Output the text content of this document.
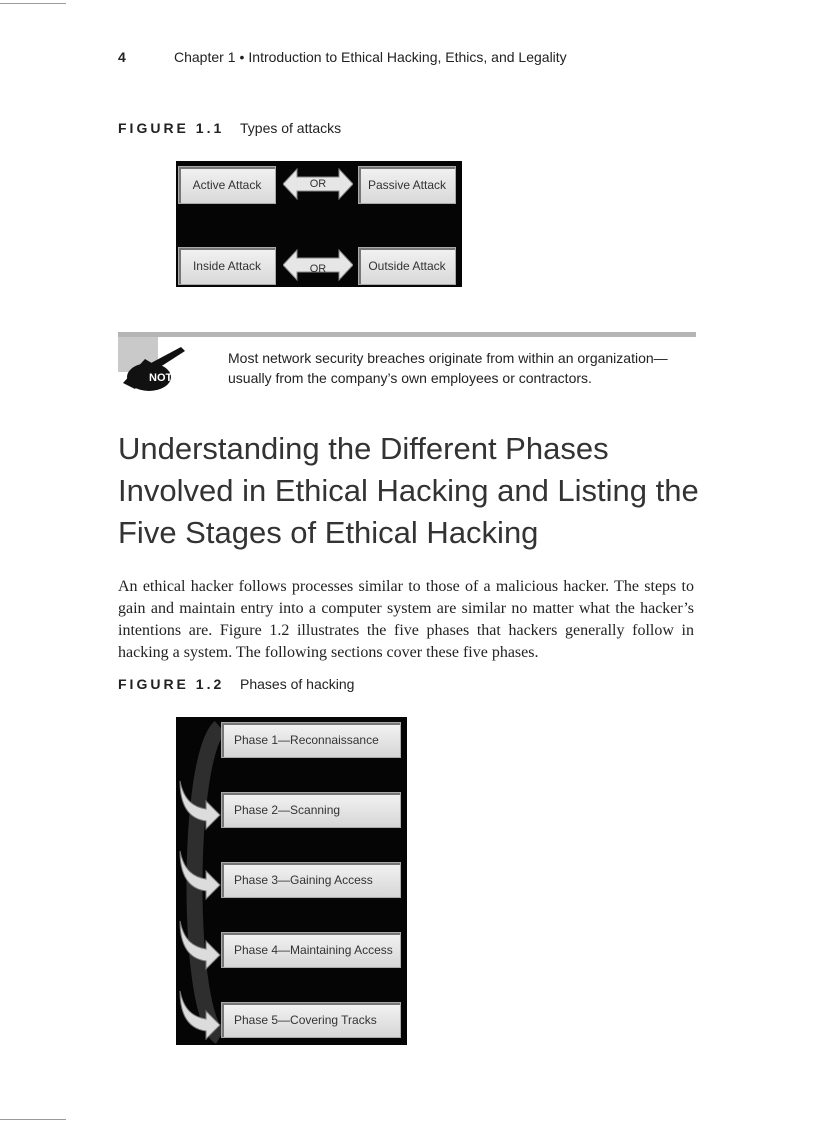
4	Chapter 1 • Introduction to Ethical Hacking, Ethics, and Legality
FIGURE 1.1 Types of attacks
Active Attack	Passive Attack
Inside Attack	Outside Attack
OR
OR
NOTE
Most network security breaches originate from within an organization—usually from the company’s own employees or contractors.
Understanding the Different Phases Involved in Ethical Hacking and Listing the Five Stages of Ethical Hacking

An ethical hacker follows processes similar to those of a malicious hacker. The steps to gain and maintain entry into a computer system are similar no matter what the hacker’s intentions are. Figure 1.2 illustrates the five phases that hackers generally follow in hacking a system. The following sections cover these five phases.

FIGURE 1.2 Phases of hacking
Phase 1—Reconnaissance
Phase 2—Scanning
Phase 3—Gaining Access
Phase 4—Maintaining Access
Phase 5—Covering Tracks
